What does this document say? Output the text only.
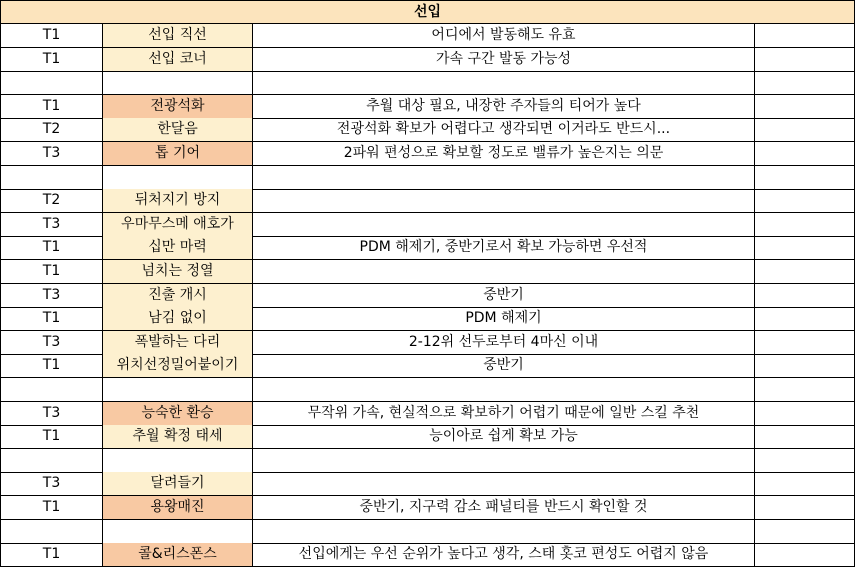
선입
T1	선입 직선	어디에서 발동해도 유효
T1	선입 코너	가속 구간 발동 가능성
T1	전광석화	추월 대상 필요, 내장한 주자들의 티어가 높다
T2	한달음	전광석화 확보가 어렵다고 생각되면 이거라도 반드시...
T3	톱 기어	2파워 편성으로 확보할 정도로 밸류가 높은지는 의문
T2	뒤처지기 방지
T3	우마무스메 애호가
T1	십만 마력	PDM 해제기, 중반기로서 확보 가능하면 우선적
T1	넘치는 정열
T3	진출 개시	중반기
T1	남김 없이	PDM 해제기
T3	폭발하는 다리	2-12위 선두로부터 4마신 이내
T1	위치선정밀어붙이기	중반기
T3	능숙한 환승	무작위 가속, 현실적으로 확보하기 어렵기 때문에 일반 스킬 추천
T1	추월 확정 태세	능이아로 쉽게 확보 가능
T3	달려들기
T1	용왕매진	중반기, 지구력 감소 패널티를 반드시 확인할 것
T1	콜&리스폰스	선입에게는 우선 순위가 높다고 생각, 스태 홋코 편성도 어렵지 않음
